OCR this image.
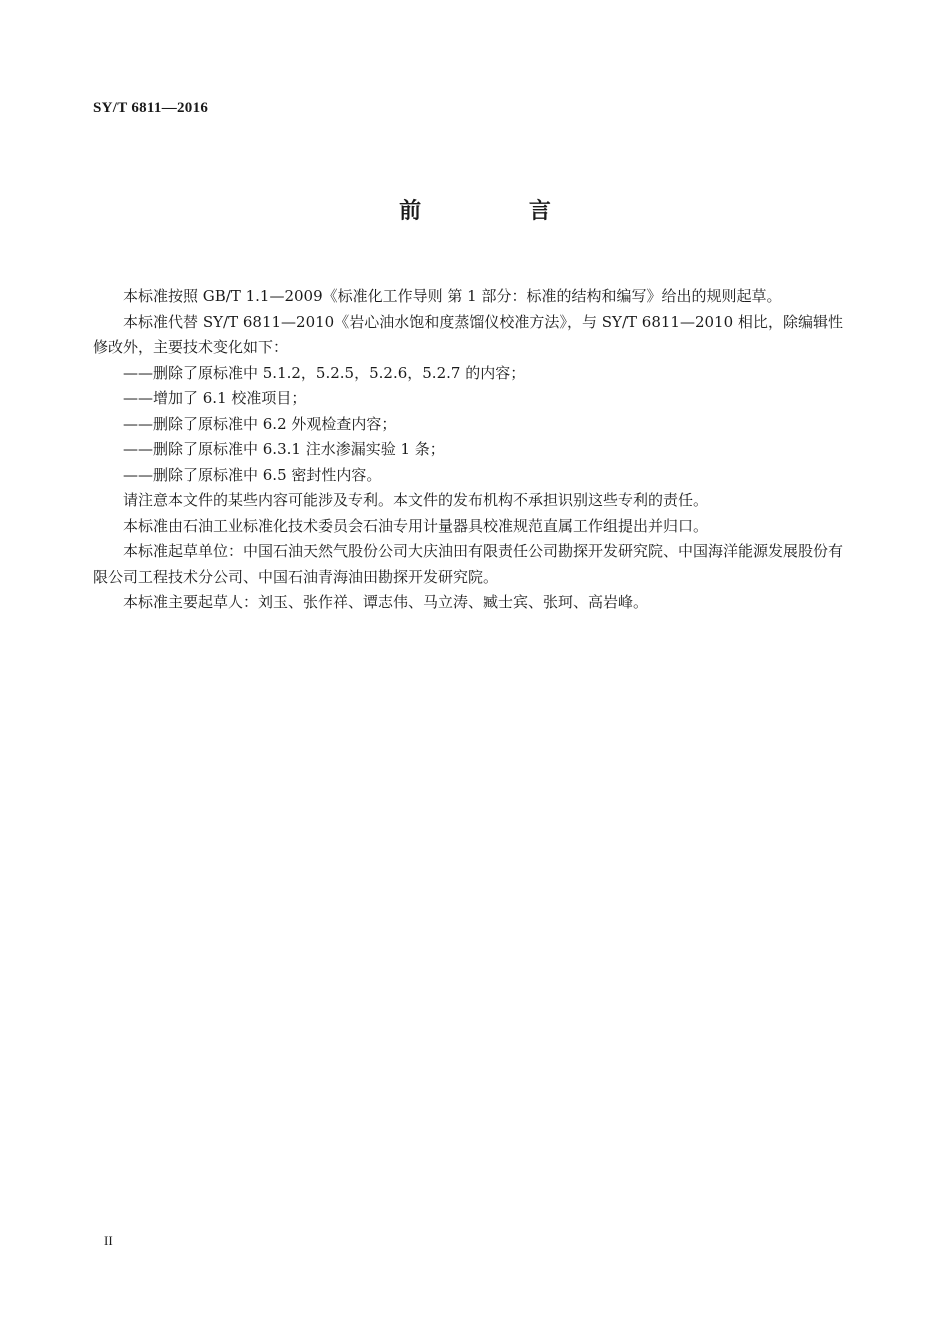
SY/T 6811—2016
前 言

本标准按照 GB/T 1.1—2009《标准化工作导则 第 1 部分：标准的结构和编写》给出的规则起草。

本标准代替 SY/T 6811—2010《岩心油水饱和度蒸馏仪校准方法》，与 SY/T 6811—2010 相比，除编辑性修改外，主要技术变化如下：

——删除了原标准中 5.1.2，5.2.5，5.2.6，5.2.7 的内容；

——增加了 6.1 校准项目；

——删除了原标准中 6.2 外观检查内容；

——删除了原标准中 6.3.1 注水渗漏实验 1 条；

——删除了原标准中 6.5 密封性内容。

请注意本文件的某些内容可能涉及专利。本文件的发布机构不承担识别这些专利的责任。

本标准由石油工业标准化技术委员会石油专用计量器具校准规范直属工作组提出并归口。

本标准起草单位：中国石油天然气股份公司大庆油田有限责任公司勘探开发研究院、中国海洋能源发展股份有限公司工程技术分公司、中国石油青海油田勘探开发研究院。

本标准主要起草人：刘玉、张作祥、谭志伟、马立涛、臧士宾、张珂、高岩峰。

II
